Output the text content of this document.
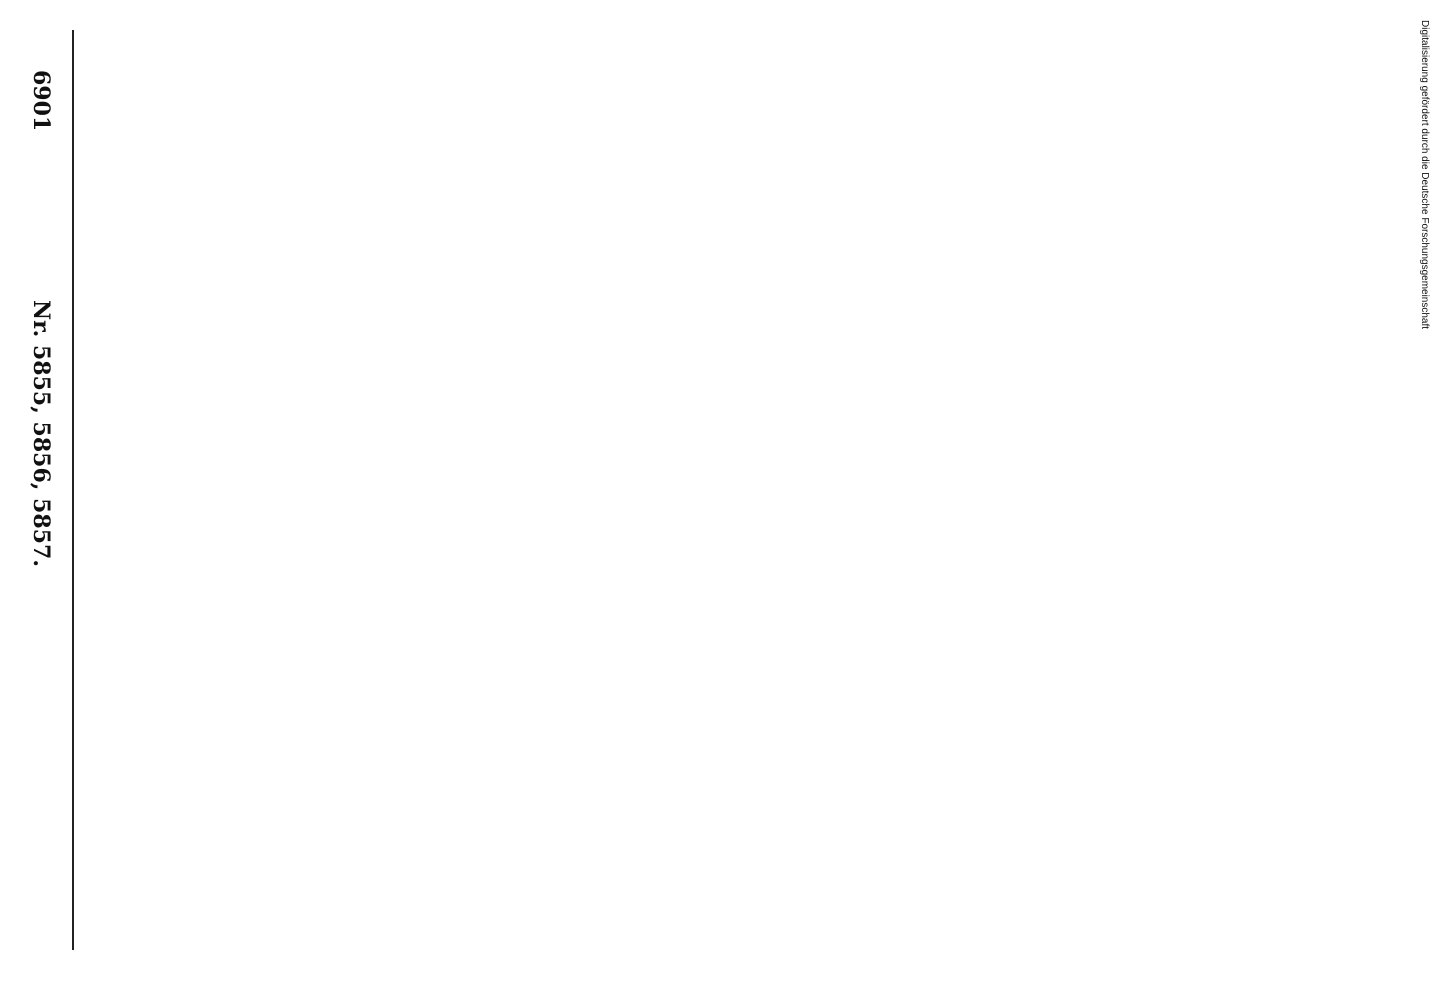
6901
Nr. 5855, 5856, 5857.
Digitalisierung gefördert durch die Deutsche Forschungsgemeinschaft
